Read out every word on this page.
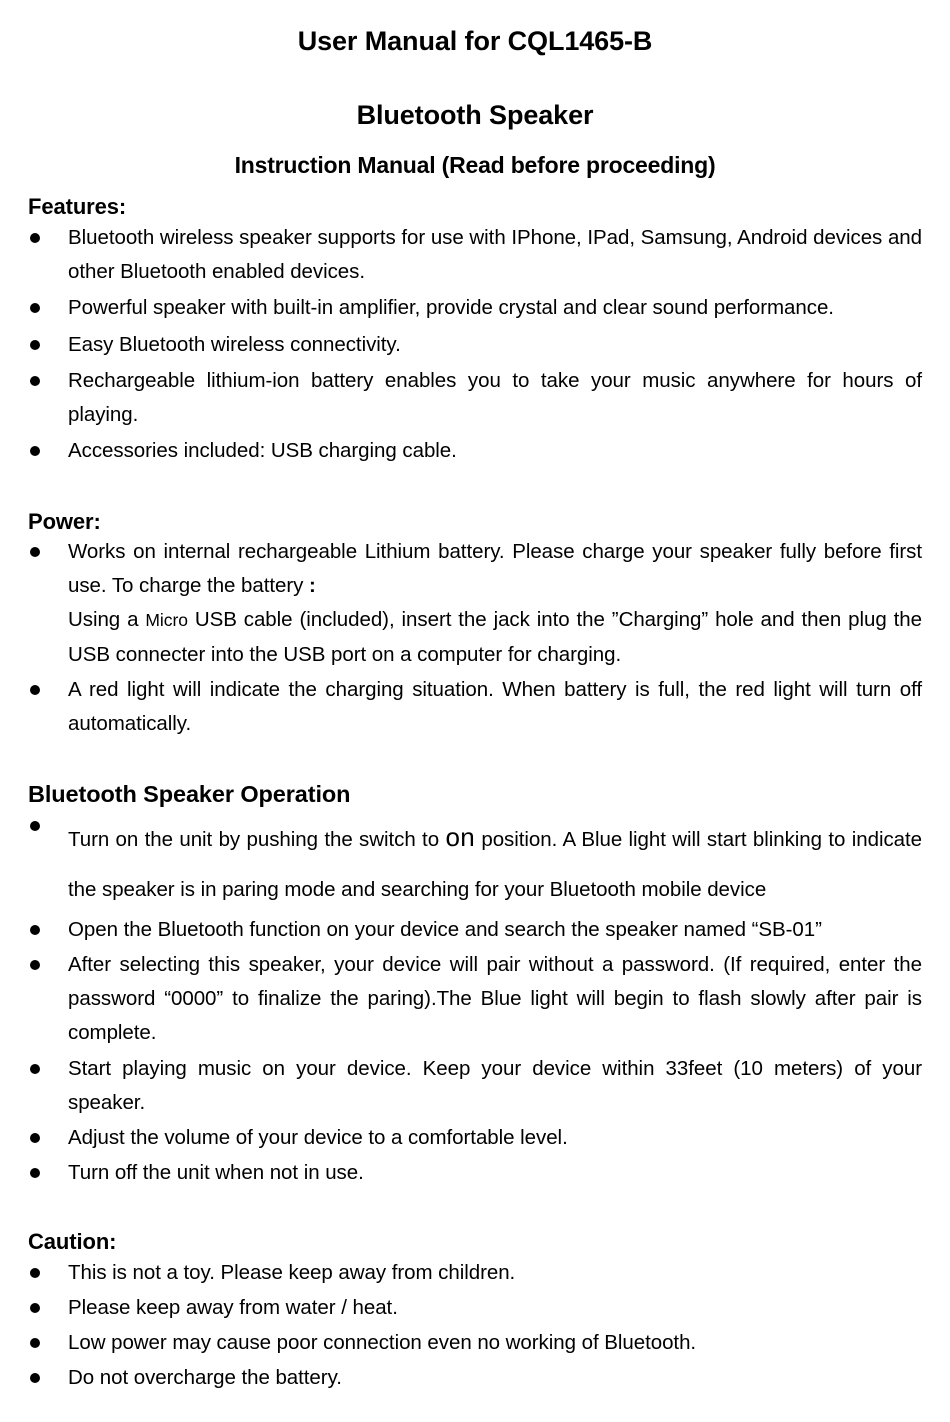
User Manual for CQL1465-B
Bluetooth Speaker
Instruction Manual (Read before proceeding)
Features:
Bluetooth wireless speaker supports for use with IPhone, IPad, Samsung, Android devices and other Bluetooth enabled devices.
Powerful speaker with built-in amplifier, provide crystal and clear sound performance.
Easy Bluetooth wireless connectivity.
Rechargeable lithium-ion battery enables you to take your music anywhere for hours of playing.
Accessories included: USB charging cable.
Power:
Works on internal rechargeable Lithium battery. Please charge your speaker fully before first use. To charge the battery :
Using a Micro USB cable (included), insert the jack into the ”Charging” hole and then plug the USB connecter into the USB port on a computer for charging.
A red light will indicate the charging situation. When battery is full, the red light will turn off automatically.
Bluetooth Speaker Operation
Turn on the unit by pushing the switch to on position. A Blue light will start blinking to indicate the speaker is in paring mode and searching for your Bluetooth mobile device
Open the Bluetooth function on your device and search the speaker named “SB-01”
After selecting this speaker, your device will pair without a password. (If required, enter the password “0000” to finalize the paring).The Blue light will begin to flash slowly after pair is complete.
Start playing music on your device. Keep your device within 33feet (10 meters) of your speaker.
Adjust the volume of your device to a comfortable level.
Turn off the unit when not in use.
Caution:
This is not a toy. Please keep away from children.
Please keep away from water / heat.
Low power may cause poor connection even no working of Bluetooth.
Do not overcharge the battery.
